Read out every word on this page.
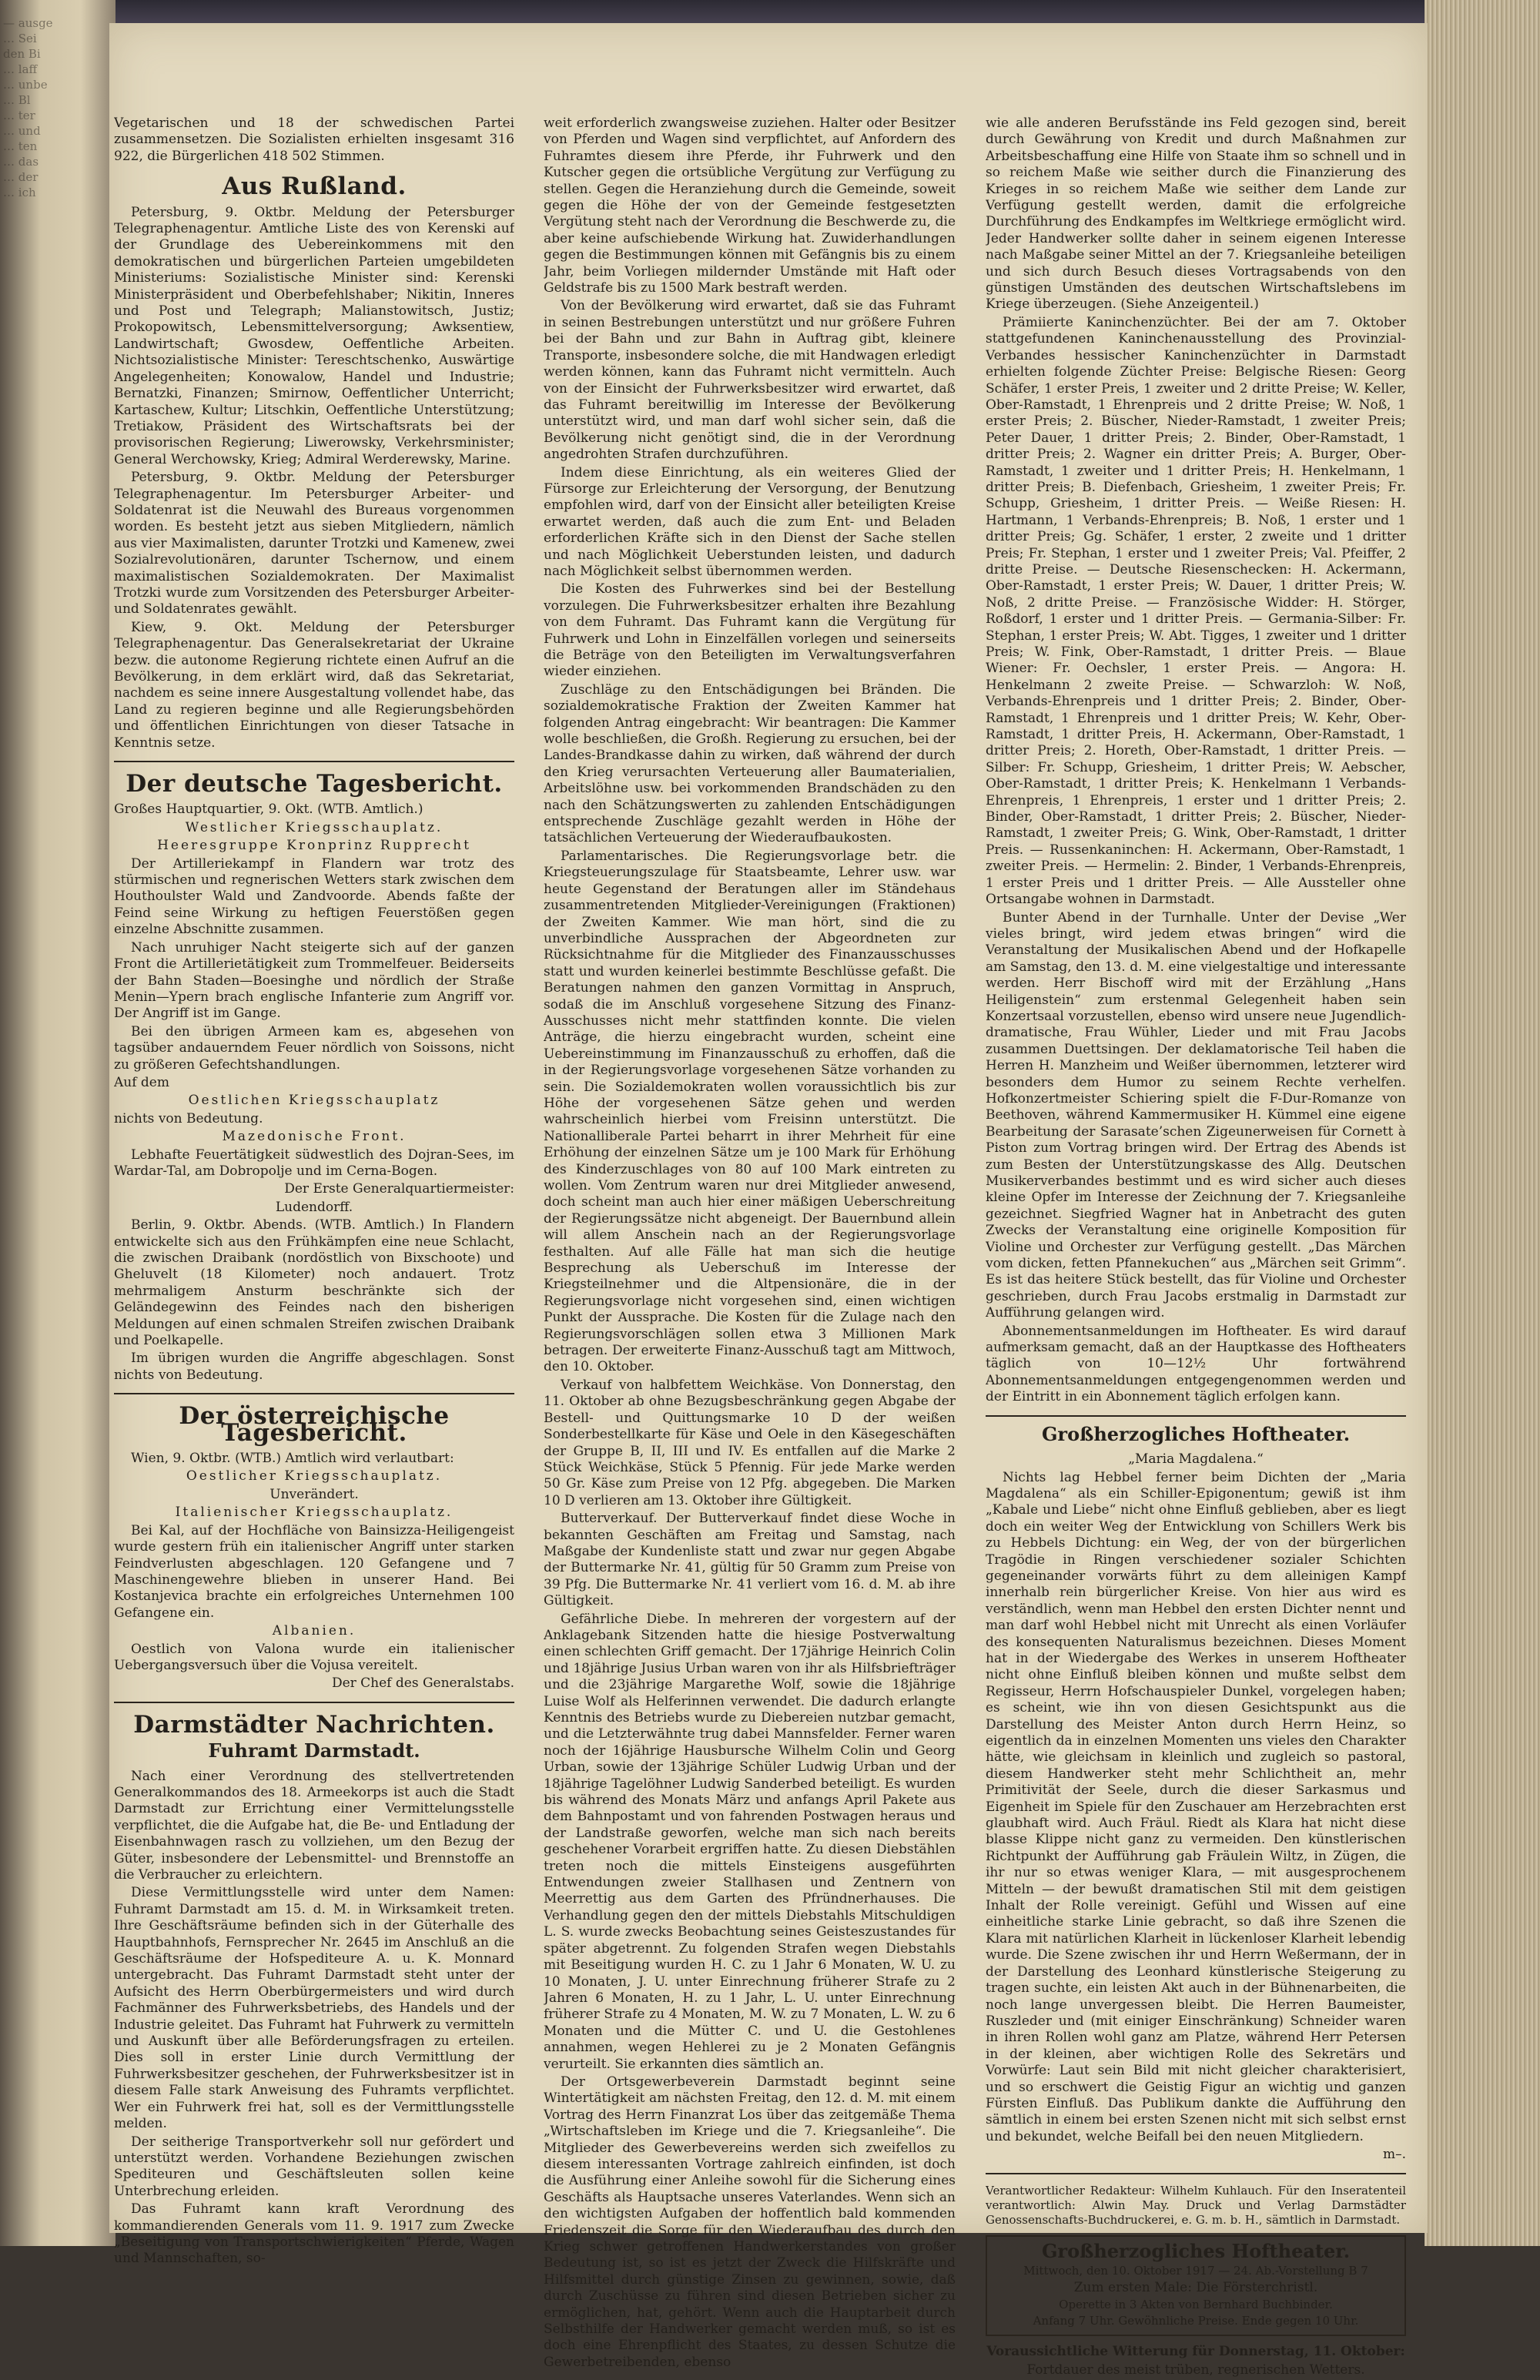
— ausge

… Sei

den Bi

… laff

… unbe

… Bl

… ter

… und

… ten

… das

… der

… ich

Vegetarischen und 18 der schwedischen Partei zusammensetzen. Die Sozialisten erhielten insgesamt 316 922, die Bürgerlichen 418 502 Stimmen.

Aus Rußland.

Petersburg, 9. Oktbr. Meldung der Petersburger Telegraphenagentur. Amtliche Liste des von Kerenski auf der Grundlage des Uebereinkommens mit den demokratischen und bürgerlichen Parteien umgebildeten Ministeriums: Sozialistische Minister sind: Kerenski Ministerpräsident und Oberbefehlshaber; Nikitin, Inneres und Post und Telegraph; Malianstowitsch, Justiz; Prokopowitsch, Lebensmittelversorgung; Awksentiew, Landwirtschaft; Gwosdew, Oeffentliche Arbeiten. Nichtsozialistische Minister: Tereschtschenko, Auswärtige Angelegenheiten; Konowalow, Handel und Industrie; Bernatzki, Finanzen; Smirnow, Oeffentlicher Unterricht; Kartaschew, Kultur; Litschkin, Oeffentliche Unterstützung; Tretiakow, Präsident des Wirtschaftsrats bei der provisorischen Regierung; Liwerowsky, Verkehrsminister; General Werchowsky, Krieg; Admiral Werderewsky, Marine.

Petersburg, 9. Oktbr. Meldung der Petersburger Telegraphenagentur. Im Petersburger Arbeiter- und Soldatenrat ist die Neuwahl des Bureaus vorgenommen worden. Es besteht jetzt aus sieben Mitgliedern, nämlich aus vier Maximalisten, darunter Trotzki und Kamenew, zwei Sozialrevolutionären, darunter Tschernow, und einem maximalistischen Sozialdemokraten. Der Maximalist Trotzki wurde zum Vorsitzenden des Petersburger Arbeiter- und Soldatenrates gewählt.

Kiew, 9. Okt. Meldung der Petersburger Telegraphenagentur. Das Generalsekretariat der Ukraine bezw. die autonome Regierung richtete einen Aufruf an die Bevölkerung, in dem erklärt wird, daß das Sekretariat, nachdem es seine innere Ausgestaltung vollendet habe, das Land zu regieren beginne und alle Regierungsbehörden und öffentlichen Einrichtungen von dieser Tatsache in Kenntnis setze.

Der deutsche Tagesbericht.

Großes Hauptquartier, 9. Okt. (WTB. Amtlich.)

Westlicher Kriegsschauplatz.

Heeresgruppe Kronprinz Rupprecht

Der Artilleriekampf in Flandern war trotz des stürmischen und regnerischen Wetters stark zwischen dem Houthoulster Wald und Zandvoorde. Abends faßte der Feind seine Wirkung zu heftigen Feuerstößen gegen einzelne Abschnitte zusammen.

Nach unruhiger Nacht steigerte sich auf der ganzen Front die Artillerietätigkeit zum Trommelfeuer. Beiderseits der Bahn Staden—Boesinghe und nördlich der Straße Menin—Ypern brach englische Infanterie zum Angriff vor. Der Angriff ist im Gange.

Bei den übrigen Armeen kam es, abgesehen von tagsüber andauerndem Feuer nördlich von Soissons, nicht zu größeren Gefechtshandlungen.

Auf dem

Oestlichen Kriegsschauplatz

nichts von Bedeutung.

Mazedonische Front.

Lebhafte Feuertätigkeit südwestlich des Dojran-Sees, im Wardar-Tal, am Dobropolje und im Cerna-Bogen.

Der Erste Generalquartiermeister:

Ludendorff.

Berlin, 9. Oktbr. Abends. (WTB. Amtlich.) In Flandern entwickelte sich aus den Frühkämpfen eine neue Schlacht, die zwischen Draibank (nordöstlich von Bixschoote) und Gheluvelt (18 Kilometer) noch andauert. Trotz mehrmaligem Ansturm beschränkte sich der Geländegewinn des Feindes nach den bisherigen Meldungen auf einen schmalen Streifen zwischen Draibank und Poelkapelle.

Im übrigen wurden die Angriffe abgeschlagen. Sonst nichts von Bedeutung.

Der österreichische Tagesbericht.

Wien, 9. Oktbr. (WTB.) Amtlich wird verlautbart:

Oestlicher Kriegsschauplatz.

Unverändert.

Italienischer Kriegsschauplatz.

Bei Kal, auf der Hochfläche von Bainsizza-Heiligengeist wurde gestern früh ein italienischer Angriff unter starken Feindverlusten abgeschlagen. 120 Gefangene und 7 Maschinengewehre blieben in unserer Hand. Bei Kostanjevica brachte ein erfolgreiches Unternehmen 100 Gefangene ein.

Albanien.

Oestlich von Valona wurde ein italienischer Uebergangsversuch über die Vojusa vereitelt.

Der Chef des Generalstabs.

Darmstädter Nachrichten.
Fuhramt Darmstadt.

Nach einer Verordnung des stellvertretenden Generalkommandos des 18. Armeekorps ist auch die Stadt Darmstadt zur Errichtung einer Vermittelungsstelle verpflichtet, die die Aufgabe hat, die Be- und Entladung der Eisenbahnwagen rasch zu vollziehen, um den Bezug der Güter, insbesondere der Lebensmittel- und Brennstoffe an die Verbraucher zu erleichtern.

Diese Vermittlungsstelle wird unter dem Namen: Fuhramt Darmstadt am 15. d. M. in Wirksamkeit treten. Ihre Geschäftsräume befinden sich in der Güterhalle des Hauptbahnhofs, Fernsprecher Nr. 2645 im Anschluß an die Geschäftsräume der Hofspediteure A. u. K. Monnard untergebracht. Das Fuhramt Darmstadt steht unter der Aufsicht des Herrn Oberbürgermeisters und wird durch Fachmänner des Fuhrwerksbetriebs, des Handels und der Industrie geleitet. Das Fuhramt hat Fuhrwerk zu vermitteln und Auskunft über alle Beförderungsfragen zu erteilen. Dies soll in erster Linie durch Vermittlung der Fuhrwerksbesitzer geschehen, der Fuhrwerksbesitzer ist in diesem Falle stark Anweisung des Fuhramts verpflichtet. Wer ein Fuhrwerk frei hat, soll es der Vermittlungsstelle melden.

Der seitherige Transportverkehr soll nur gefördert und unterstützt werden. Vorhandene Beziehungen zwischen Spediteuren und Geschäftsleuten sollen keine Unterbrechung erleiden.

Das Fuhramt kann kraft Verordnung des kommandierenden Generals vom 11. 9. 1917 zum Zwecke „Beseitigung von Transportschwierigkeiten“ Pferde, Wagen und Mannschaften, so-

weit erforderlich zwangsweise zuziehen. Halter oder Besitzer von Pferden und Wagen sind verpflichtet, auf Anfordern des Fuhramtes diesem ihre Pferde, ihr Fuhrwerk und den Kutscher gegen die ortsübliche Vergütung zur Verfügung zu stellen. Gegen die Heranziehung durch die Gemeinde, soweit gegen die Höhe der von der Gemeinde festgesetzten Vergütung steht nach der Verordnung die Beschwerde zu, die aber keine aufschiebende Wirkung hat. Zuwiderhandlungen gegen die Bestimmungen können mit Gefängnis bis zu einem Jahr, beim Vorliegen mildernder Umstände mit Haft oder Geldstrafe bis zu 1500 Mark bestraft werden.

Von der Bevölkerung wird erwartet, daß sie das Fuhramt in seinen Bestrebungen unterstützt und nur größere Fuhren bei der Bahn und zur Bahn in Auftrag gibt, kleinere Transporte, insbesondere solche, die mit Handwagen erledigt werden können, kann das Fuhramt nicht vermitteln. Auch von der Einsicht der Fuhrwerksbesitzer wird erwartet, daß das Fuhramt bereitwillig im Interesse der Bevölkerung unterstützt wird, und man darf wohl sicher sein, daß die Bevölkerung nicht genötigt sind, die in der Verordnung angedrohten Strafen durchzuführen.

Indem diese Einrichtung, als ein weiteres Glied der Fürsorge zur Erleichterung der Versorgung, der Benutzung empfohlen wird, darf von der Einsicht aller beteiligten Kreise erwartet werden, daß auch die zum Ent- und Beladen erforderlichen Kräfte sich in den Dienst der Sache stellen und nach Möglichkeit Ueberstunden leisten, und dadurch nach Möglichkeit selbst übernommen werden.

Die Kosten des Fuhrwerkes sind bei der Bestellung vorzulegen. Die Fuhrwerksbesitzer erhalten ihre Bezahlung von dem Fuhramt. Das Fuhramt kann die Vergütung für Fuhrwerk und Lohn in Einzelfällen vorlegen und seinerseits die Beträge von den Beteiligten im Verwaltungsverfahren wieder einziehen.

Zuschläge zu den Entschädigungen bei Bränden. Die sozialdemokratische Fraktion der Zweiten Kammer hat folgenden Antrag eingebracht: Wir beantragen: Die Kammer wolle beschließen, die Großh. Regierung zu ersuchen, bei der Landes-Brandkasse dahin zu wirken, daß während der durch den Krieg verursachten Verteuerung aller Baumaterialien, Arbeitslöhne usw. bei vorkommenden Brandschäden zu den nach den Schätzungswerten zu zahlenden Entschädigungen entsprechende Zuschläge gezahlt werden in Höhe der tatsächlichen Verteuerung der Wiederaufbaukosten.

Parlamentarisches. Die Regierungsvorlage betr. die Kriegsteuerungszulage für Staatsbeamte, Lehrer usw. war heute Gegenstand der Beratungen aller im Ständehaus zusammentretenden Mitglieder-Vereinigungen (Fraktionen) der Zweiten Kammer. Wie man hört, sind die zu unverbindliche Aussprachen der Abgeordneten zur Rücksichtnahme für die Mitglieder des Finanzausschusses statt und wurden keinerlei bestimmte Beschlüsse gefaßt. Die Beratungen nahmen den ganzen Vormittag in Anspruch, sodaß die im Anschluß vorgesehene Sitzung des Finanz-Ausschusses nicht mehr stattfinden konnte. Die vielen Anträge, die hierzu eingebracht wurden, scheint eine Uebereinstimmung im Finanzausschuß zu erhoffen, daß die in der Regierungsvorlage vorgesehenen Sätze vorhanden zu sein. Die Sozialdemokraten wollen voraussichtlich bis zur Höhe der vorgesehenen Sätze gehen und werden wahrscheinlich hierbei vom Freisinn unterstützt. Die Nationalliberale Partei beharrt in ihrer Mehrheit für eine Erhöhung der einzelnen Sätze um je 100 Mark für Erhöhung des Kinderzuschlages von 80 auf 100 Mark eintreten zu wollen. Vom Zentrum waren nur drei Mitglieder anwesend, doch scheint man auch hier einer mäßigen Ueberschreitung der Regierungssätze nicht abgeneigt. Der Bauernbund allein will allem Anschein nach an der Regierungsvorlage festhalten. Auf alle Fälle hat man sich die heutige Besprechung als Ueberschuß im Interesse der Kriegsteilnehmer und die Altpensionäre, die in der Regierungsvorlage nicht vorgesehen sind, einen wichtigen Punkt der Aussprache. Die Kosten für die Zulage nach den Regierungsvorschlägen sollen etwa 3 Millionen Mark betragen. Der erweiterte Finanz-Ausschuß tagt am Mittwoch, den 10. Oktober.

Verkauf von halbfettem Weichkäse. Von Donnerstag, den 11. Oktober ab ohne Bezugsbeschränkung gegen Abgabe der Bestell- und Quittungsmarke 10 D der weißen Sonderbestellkarte für Käse und Oele in den Käsegeschäften der Gruppe B, II, III und IV. Es entfallen auf die Marke 2 Stück Weichkäse, Stück 5 Pfennig. Für jede Marke werden 50 Gr. Käse zum Preise von 12 Pfg. abgegeben. Die Marken 10 D verlieren am 13. Oktober ihre Gültigkeit.

Butterverkauf. Der Butterverkauf findet diese Woche in bekannten Geschäften am Freitag und Samstag, nach Maßgabe der Kundenliste statt und zwar nur gegen Abgabe der Buttermarke Nr. 41, gültig für 50 Gramm zum Preise von 39 Pfg. Die Buttermarke Nr. 41 verliert vom 16. d. M. ab ihre Gültigkeit.

Gefährliche Diebe. In mehreren der vorgestern auf der Anklagebank Sitzenden hatte die hiesige Postverwaltung einen schlechten Griff gemacht. Der 17jährige Heinrich Colin und 18jährige Jusius Urban waren von ihr als Hilfsbriefträger und die 23jährige Margarethe Wolf, sowie die 18jährige Luise Wolf als Helferinnen verwendet. Die dadurch erlangte Kenntnis des Betriebs wurde zu Diebereien nutzbar gemacht, und die Letzterwähnte trug dabei Mannsfelder. Ferner waren noch der 16jährige Hausbursche Wilhelm Colin und Georg Urban, sowie der 13jährige Schüler Ludwig Urban und der 18jährige Tagelöhner Ludwig Sanderbed beteiligt. Es wurden bis während des Monats März und anfangs April Pakete aus dem Bahnpostamt und von fahrenden Postwagen heraus und der Landstraße geworfen, welche man sich nach bereits geschehener Vorarbeit ergriffen hatte. Zu diesen Diebstählen treten noch die mittels Einsteigens ausgeführten Entwendungen zweier Stallhasen und Zentnern von Meerrettig aus dem Garten des Pfründnerhauses. Die Verhandlung gegen den der mittels Diebstahls Mitschuldigen L. S. wurde zwecks Beobachtung seines Geisteszustandes für später abgetrennt. Zu folgenden Strafen wegen Diebstahls mit Beseitigung wurden H. C. zu 1 Jahr 6 Monaten, W. U. zu 10 Monaten, J. U. unter Einrechnung früherer Strafe zu 2 Jahren 6 Monaten, H. zu 1 Jahr, L. U. unter Einrechnung früherer Strafe zu 4 Monaten, M. W. zu 7 Monaten, L. W. zu 6 Monaten und die Mütter C. und U. die Gestohlenes annahmen, wegen Hehlerei zu je 2 Monaten Gefängnis verurteilt. Sie erkannten dies sämtlich an.

Der Ortsgewerbeverein Darmstadt beginnt seine Wintertätigkeit am nächsten Freitag, den 12. d. M. mit einem Vortrag des Herrn Finanzrat Los über das zeitgemäße Thema „Wirtschaftsleben im Kriege und die 7. Kriegsanleihe“. Die Mitglieder des Gewerbevereins werden sich zweifellos zu diesem interessanten Vortrage zahlreich einfinden, ist doch die Ausführung einer Anleihe sowohl für die Sicherung eines Geschäfts als Hauptsache unseres Vaterlandes. Wenn sich an den wichtigsten Aufgaben der hoffentlich bald kommenden Friedenszeit die Sorge für den Wiederaufbau des durch den Krieg schwer getroffenen Handwerkerstandes von großer Bedeutung ist, so ist es jetzt der Zweck die Hilfskräfte und Hilfsmittel durch günstige Zinsen zu gewinnen, sowie, daß durch Zuschüsse zu führen sind diesen Betrieben sicher zu ermöglichen, hat, gehört. Wenn auch die Hauptarbeit durch Selbsthilfe der Handwerker gemacht werden muß, so ist es doch eine Ehrenpflicht des Staates, zu dessen Schutze die Gewerbetreibenden, ebenso

wie alle anderen Berufsstände ins Feld gezogen sind, bereit durch Gewährung von Kredit und durch Maßnahmen zur Arbeitsbeschaffung eine Hilfe von Staate ihm so schnell und in so reichem Maße wie seither durch die Finanzierung des Krieges in so reichem Maße wie seither dem Lande zur Verfügung gestellt werden, damit die erfolgreiche Durchführung des Endkampfes im Weltkriege ermöglicht wird. Jeder Handwerker sollte daher in seinem eigenen Interesse nach Maßgabe seiner Mittel an der 7. Kriegsanleihe beteiligen und sich durch Besuch dieses Vortragsabends von den günstigen Umständen des deutschen Wirtschaftslebens im Kriege überzeugen. (Siehe Anzeigenteil.)

Prämiierte Kaninchenzüchter. Bei der am 7. Oktober stattgefundenen Kaninchenausstellung des Provinzial-Verbandes hessischer Kaninchenzüchter in Darmstadt erhielten folgende Züchter Preise: Belgische Riesen: Georg Schäfer, 1 erster Preis, 1 zweiter und 2 dritte Preise; W. Keller, Ober-Ramstadt, 1 Ehrenpreis und 2 dritte Preise; W. Noß, 1 erster Preis; 2. Büscher, Nieder-Ramstadt, 1 zweiter Preis; Peter Dauer, 1 dritter Preis; 2. Binder, Ober-Ramstadt, 1 dritter Preis; 2. Wagner ein dritter Preis; A. Burger, Ober-Ramstadt, 1 zweiter und 1 dritter Preis; H. Henkelmann, 1 dritter Preis; B. Diefenbach, Griesheim, 1 zweiter Preis; Fr. Schupp, Griesheim, 1 dritter Preis. — Weiße Riesen: H. Hartmann, 1 Verbands-Ehrenpreis; B. Noß, 1 erster und 1 dritter Preis; Gg. Schäfer, 1 erster, 2 zweite und 1 dritter Preis; Fr. Stephan, 1 erster und 1 zweiter Preis; Val. Pfeiffer, 2 dritte Preise. — Deutsche Riesenschecken: H. Ackermann, Ober-Ramstadt, 1 erster Preis; W. Dauer, 1 dritter Preis; W. Noß, 2 dritte Preise. — Französische Widder: H. Störger, Roßdorf, 1 erster und 1 dritter Preis. — Germania-Silber: Fr. Stephan, 1 erster Preis; W. Abt. Tigges, 1 zweiter und 1 dritter Preis; W. Fink, Ober-Ramstadt, 1 dritter Preis. — Blaue Wiener: Fr. Oechsler, 1 erster Preis. — Angora: H. Henkelmann 2 zweite Preise. — Schwarzloh: W. Noß, Verbands-Ehrenpreis und 1 dritter Preis; 2. Binder, Ober-Ramstadt, 1 Ehrenpreis und 1 dritter Preis; W. Kehr, Ober-Ramstadt, 1 dritter Preis, H. Ackermann, Ober-Ramstadt, 1 dritter Preis; 2. Horeth, Ober-Ramstadt, 1 dritter Preis. — Silber: Fr. Schupp, Griesheim, 1 dritter Preis; W. Aebscher, Ober-Ramstadt, 1 dritter Preis; K. Henkelmann 1 Verbands-Ehrenpreis, 1 Ehrenpreis, 1 erster und 1 dritter Preis; 2. Binder, Ober-Ramstadt, 1 dritter Preis; 2. Büscher, Nieder-Ramstadt, 1 zweiter Preis; G. Wink, Ober-Ramstadt, 1 dritter Preis. — Russenkaninchen: H. Ackermann, Ober-Ramstadt, 1 zweiter Preis. — Hermelin: 2. Binder, 1 Verbands-Ehrenpreis, 1 erster Preis und 1 dritter Preis. — Alle Aussteller ohne Ortsangabe wohnen in Darmstadt.

Bunter Abend in der Turnhalle. Unter der Devise „Wer vieles bringt, wird jedem etwas bringen“ wird die Veranstaltung der Musikalischen Abend und der Hofkapelle am Samstag, den 13. d. M. eine vielgestaltige und interessante werden. Herr Bischoff wird mit der Erzählung „Hans Heiligenstein“ zum erstenmal Gelegenheit haben sein Konzertsaal vorzustellen, ebenso wird unsere neue Jugendlich-dramatische, Frau Wühler, Lieder und mit Frau Jacobs zusammen Duettsingen. Der deklamatorische Teil haben die Herren H. Manzheim und Weißer übernommen, letzterer wird besonders dem Humor zu seinem Rechte verhelfen. Hofkonzertmeister Schiering spielt die F-Dur-Romanze von Beethoven, während Kammermusiker H. Kümmel eine eigene Bearbeitung der Sarasate’schen Zigeunerweisen für Cornett à Piston zum Vortrag bringen wird. Der Ertrag des Abends ist zum Besten der Unterstützungskasse des Allg. Deutschen Musikerverbandes bestimmt und es wird sicher auch dieses kleine Opfer im Interesse der Zeichnung der 7. Kriegsanleihe gezeichnet. Siegfried Wagner hat in Anbetracht des guten Zwecks der Veranstaltung eine originelle Komposition für Violine und Orchester zur Verfügung gestellt. „Das Märchen vom dicken, fetten Pfannekuchen“ aus „Märchen seit Grimm“. Es ist das heitere Stück bestellt, das für Violine und Orchester geschrieben, durch Frau Jacobs erstmalig in Darmstadt zur Aufführung gelangen wird.

Abonnementsanmeldungen im Hoftheater. Es wird darauf aufmerksam gemacht, daß an der Hauptkasse des Hoftheaters täglich von 10—12½ Uhr fortwährend Abonnementsanmeldungen entgegengenommen werden und der Eintritt in ein Abonnement täglich erfolgen kann.

Großherzogliches Hoftheater.

„Maria Magdalena.“

Nichts lag Hebbel ferner beim Dichten der „Maria Magdalena“ als ein Schiller-Epigonentum; gewiß ist ihm „Kabale und Liebe“ nicht ohne Einfluß geblieben, aber es liegt doch ein weiter Weg der Entwicklung von Schillers Werk bis zu Hebbels Dichtung: ein Weg, der von der bürgerlichen Tragödie in Ringen verschiedener sozialer Schichten gegeneinander vorwärts führt zu dem alleinigen Kampf innerhalb rein bürgerlicher Kreise. Von hier aus wird es verständlich, wenn man Hebbel den ersten Dichter nennt und man darf wohl Hebbel nicht mit Unrecht als einen Vorläufer des konsequenten Naturalismus bezeichnen. Dieses Moment hat in der Wiedergabe des Werkes in unserem Hoftheater nicht ohne Einfluß bleiben können und mußte selbst dem Regisseur, Herrn Hofschauspieler Dunkel, vorgelegen haben; es scheint, wie ihn von diesen Gesichtspunkt aus die Darstellung des Meister Anton durch Herrn Heinz, so eigentlich da in einzelnen Momenten uns vieles den Charakter hätte, wie gleichsam in kleinlich und zugleich so pastoral, diesem Handwerker steht mehr Schlichtheit an, mehr Primitivität der Seele, durch die dieser Sarkasmus und Eigenheit im Spiele für den Zuschauer am Herzebrachten erst glaubhaft wird. Auch Fräul. Riedt als Klara hat nicht diese blasse Klippe nicht ganz zu vermeiden. Den künstlerischen Richtpunkt der Aufführung gab Fräulein Wiltz, in Zügen, die ihr nur so etwas weniger Klara, — mit ausgesprochenem Mitteln — der bewußt dramatischen Stil mit dem geistigen Inhalt der Rolle vereinigt. Gefühl und Wissen auf eine einheitliche starke Linie gebracht, so daß ihre Szenen die Klara mit natürlichen Klarheit in lückenloser Klarheit lebendig wurde. Die Szene zwischen ihr und Herrn Weßermann, der in der Darstellung des Leonhard künstlerische Steigerung zu tragen suchte, ein leisten Akt auch in der Bühnenarbeiten, die noch lange unvergessen bleibt. Die Herren Baumeister, Ruszleder und (mit einiger Einschränkung) Schneider waren in ihren Rollen wohl ganz am Platze, während Herr Petersen in der kleinen, aber wichtigen Rolle des Sekretärs und Vorwürfe: Laut sein Bild mit nicht gleicher charakterisiert, und so erschwert die Geistig Figur an wichtig und ganzen Fürsten Einfluß. Das Publikum dankte die Aufführung den sämtlich in einem bei ersten Szenen nicht mit sich selbst ernst und bekundet, welche Beifall bei den neuen Mitgliedern.

m–.

Verantwortlicher Redakteur: Wilhelm Kuhlauch. Für den Inseratenteil verantwortlich: Alwin May. Druck und Verlag Darmstädter Genossenschafts-Buchdruckerei, e. G. m. b. H., sämtlich in Darmstadt.

Großherzogliches Hoftheater.

Mittwoch, den 10. Oktober 1917 — 24. Ab.-Vorstellung B 7

Zum ersten Male: Die Försterchristl.

Operette in 3 Akten von Bernhard Buchbinder.

Anfang 7 Uhr. Gewöhnliche Preise. Ende gegen 10 Uhr.

Voraussichtliche Witterung für Donnerstag, 11. Oktober:

Fortdauer des meist trüben, regnerischen Wetters.
